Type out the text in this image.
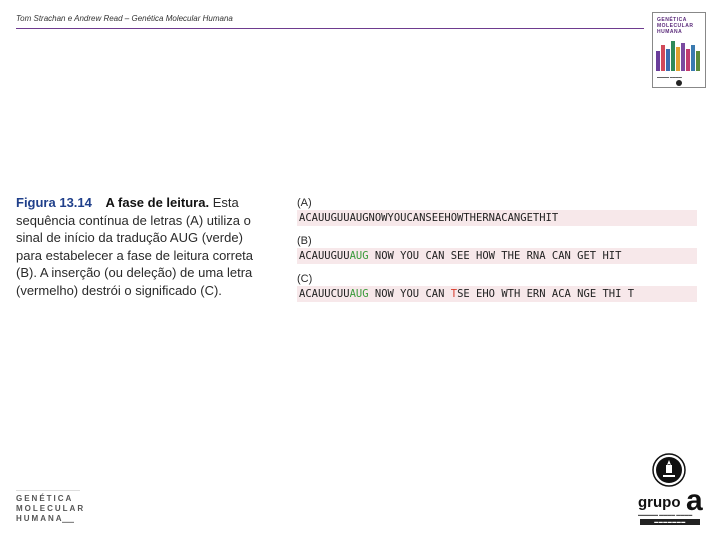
Tom Strachan e Andrew Read – Genética Molecular Humana	GENÉTICA
MOLECULAR
HUMANA
▬▬▬▬ ▬▬▬▬
Figura 13.14 A fase de leitura. Esta sequência contínua de letras (A) utiliza o sinal de início da tradução AUG (verde) para estabelecer a fase de leitura correta (B). A inserção (ou deleção) de uma letra (vermelho) destrói o significado (C).
(A)
ACAUUGUUAUGNOWYOUCANSEEHOWTHERNACANGETHIT
(B)
ACAUUGUUAUG NOW YOU CAN SEE HOW THE RNA CAN GET HIT
(C)
ACAUUCUUAUG NOW YOU CAN TSE EHO WTH ERN ACA NGE THI T
GENÉTICA
MOLECULAR
HUMANA
▬▬▬
grupo a
▬▬▬▬▬ ▬▬▬▬ ▬▬▬▬
▬▬▬▬▬▬▬
